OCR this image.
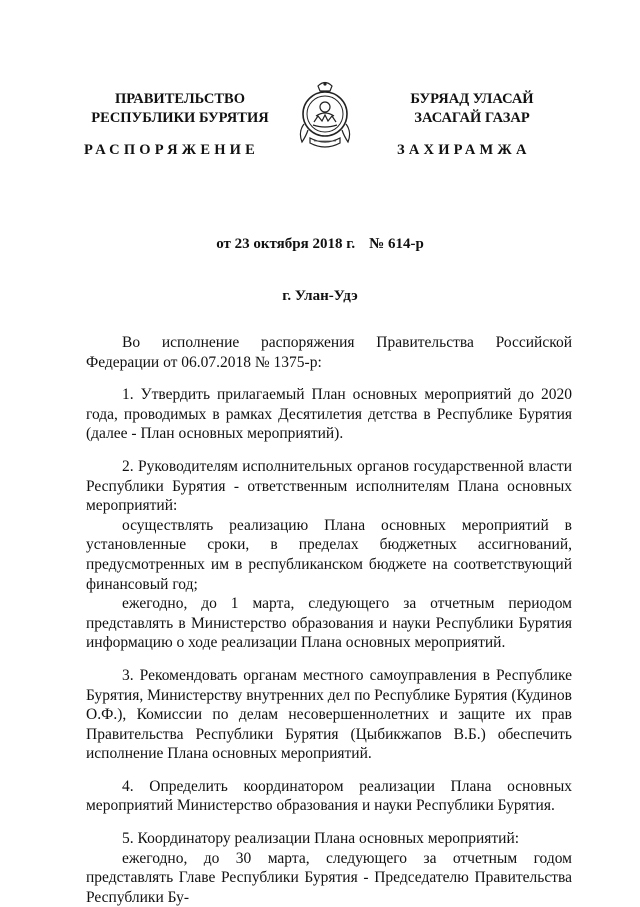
ПРАВИТЕЛЬСТВО
РЕСПУБЛИКИ БУРЯТИЯ
БУРЯАД УЛАСАЙ
ЗАСАГАЙ ГАЗАР
РАСПОРЯЖЕНИЕ	ЗАХИРАМЖА
от 23 октября 2018 г. № 614-р
г. Улан-Удэ

Во исполнение распоряжения Правительства Российской Федерации от 06.07.2018 № 1375-р:

1. Утвердить прилагаемый План основных мероприятий до 2020 года, проводимых в рамках Десятилетия детства в Республике Бурятия (далее - План основных мероприятий).

2. Руководителям исполнительных органов государственной власти Республики Бурятия - ответственным исполнителям Плана основных мероприятий:

осуществлять реализацию Плана основных мероприятий в установленные сроки, в пределах бюджетных ассигнований, предусмотренных им в республиканском бюджете на соответствующий финансовый год;

ежегодно, до 1 марта, следующего за отчетным периодом представлять в Министерство образования и науки Республики Бурятия информацию о ходе реализации Плана основных мероприятий.

3. Рекомендовать органам местного самоуправления в Республике Бурятия, Министерству внутренних дел по Республике Бурятия (Кудинов О.Ф.), Комиссии по делам несовершеннолетних и защите их прав Правительства Республики Бурятия (Цыбикжапов В.Б.) обеспечить исполнение Плана основных мероприятий.

4. Определить координатором реализации Плана основных мероприятий Министерство образования и науки Республики Бурятия.

5. Координатору реализации Плана основных мероприятий:

ежегодно, до 30 марта, следующего за отчетным годом представлять Главе Республики Бурятия - Председателю Правительства Республики Бу-
